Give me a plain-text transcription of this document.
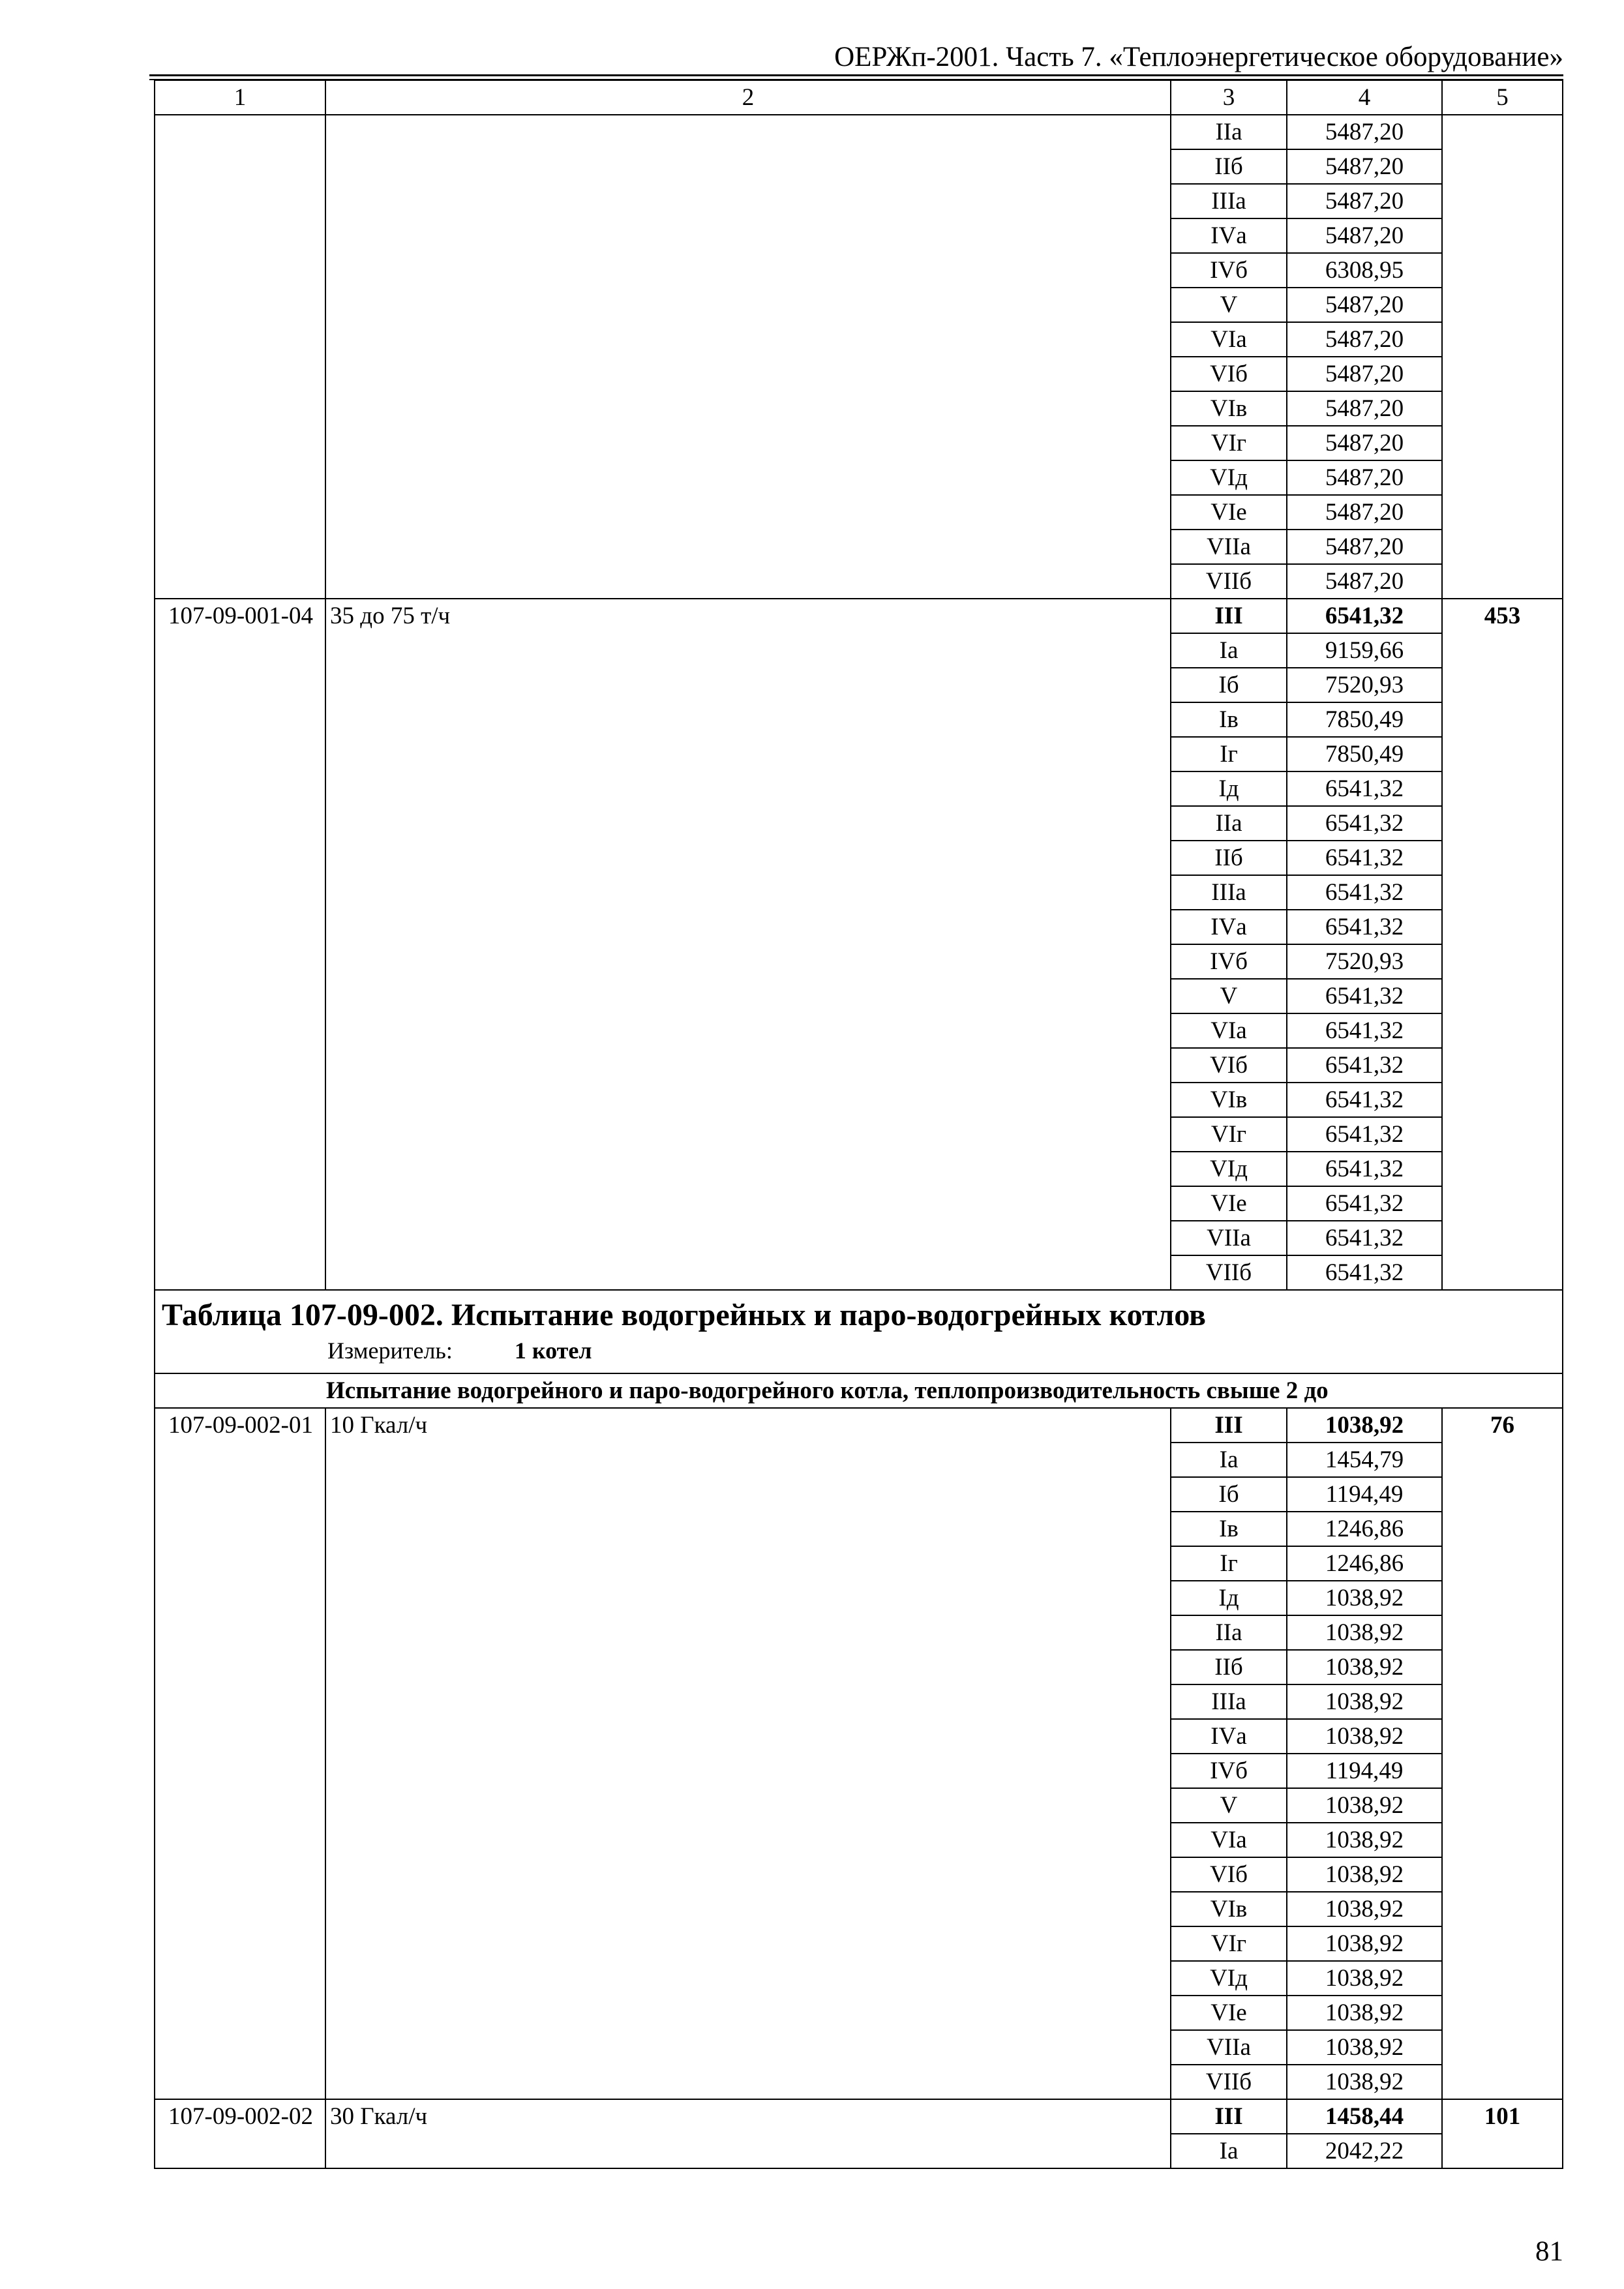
ОЕРЖп-2001. Часть 7. «Теплоэнергетическое оборудование»
1	2	3	4	5
		IIа	5487,20	
		IIб	5487,20	
		IIIа	5487,20	
		IVа	5487,20	
		IVб	6308,95	
		V	5487,20	
		VIа	5487,20	
		VIб	5487,20	
		VIв	5487,20	
		VIг	5487,20	
		VIд	5487,20	
		VIе	5487,20	
		VIIа	5487,20	
		VIIб	5487,20	
107-09-001-04	35 до 75 т/ч	III	6541,32	453
		Iа	9159,66	
		Iб	7520,93	
		Iв	7850,49	
		Iг	7850,49	
		Iд	6541,32	
		IIа	6541,32	
		IIб	6541,32	
		IIIа	6541,32	
		IVа	6541,32	
		IVб	7520,93	
		V	6541,32	
		VIа	6541,32	
		VIб	6541,32	
		VIв	6541,32	
		VIг	6541,32	
		VIд	6541,32	
		VIе	6541,32	
		VIIа	6541,32	
		VIIб	6541,32	

Таблица 107-09-002. Испытание водогрейных и паро-водогрейных котлов
Измеритель: 1 котел				

Испытание водогрейного и паро-водогрейного котла, теплопроизводительность свыше 2 до				
107-09-002-01	10 Гкал/ч	III	1038,92	76
		Iа	1454,79	
		Iб	1194,49	
		Iв	1246,86	
		Iг	1246,86	
		Iд	1038,92	
		IIа	1038,92	
		IIб	1038,92	
		IIIа	1038,92	
		IVа	1038,92	
		IVб	1194,49	
		V	1038,92	
		VIа	1038,92	
		VIб	1038,92	
		VIв	1038,92	
		VIг	1038,92	
		VIд	1038,92	
		VIе	1038,92	
		VIIа	1038,92	
		VIIб	1038,92	
107-09-002-02	30 Гкал/ч	III	1458,44	101
		Iа	2042,22	
81
